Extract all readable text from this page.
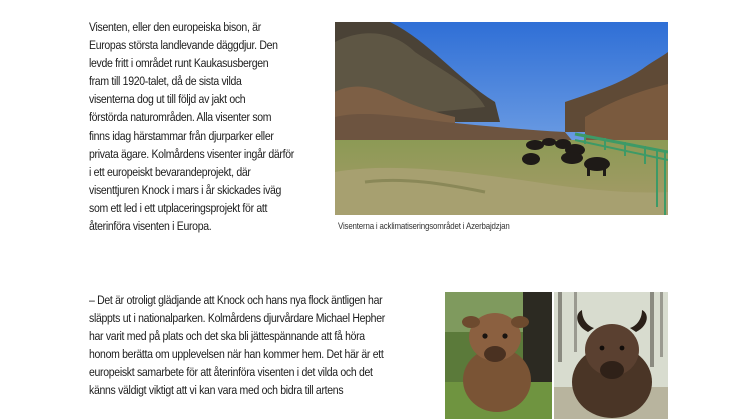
Visenten, eller den europeiska bison, är
Europas största landlevande däggdjur. Den
levde fritt i området runt Kaukasusbergen
fram till 1920-talet, då de sista vilda
visenterna dog ut till följd av jakt och
förstörda naturområden. Alla visenter som
finns idag härstammar från djurparker eller
privata ägare. Kolmårdens visenter ingår därför
i ett europeiskt bevarandeprojekt, där
visenttjuren Knock i mars i år skickades iväg
som ett led i ett utplaceringsprojekt för att
återinföra visenten i Europa.	Visenterna i acklimatiseringsområdet i Azerbajdzjan

– Det är otroligt glädjande att Knock och hans nya flock äntligen har
släppts ut i nationalparken. Kolmårdens djurvårdare Michael Hepher
har varit med på plats och det ska bli jättespännande att få höra
honom berätta om upplevelsen när han kommer hem. Det här är ett
europeiskt samarbete för att återinföra visenten i det vilda och det
känns väldigt viktigt att vi kan vara med och bidra till artens
